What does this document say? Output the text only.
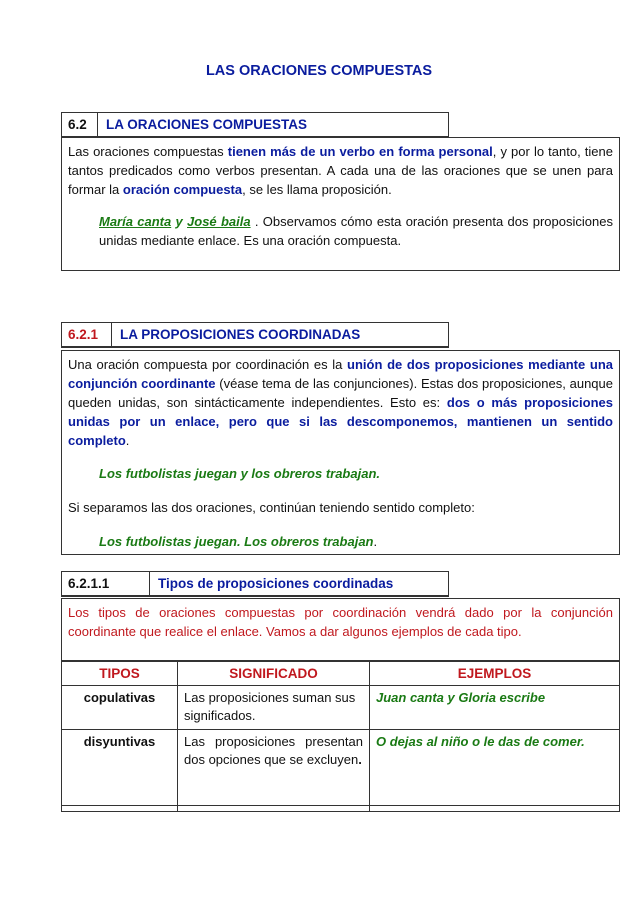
LAS ORACIONES COMPUESTAS
6.2	LA ORACIONES COMPUESTAS

Las oraciones compuestas tienen más de un verbo en forma personal, y por lo tanto, tiene tantos predicados como verbos presentan. A cada una de las oraciones que se unen para formar la oración compuesta, se les llama proposición.

María canta y José baila . Observamos cómo esta oración presenta dos proposiciones unidas mediante enlace. Es una oración compuesta.

6.2.1	LA PROPOSICIONES COORDINADAS

Una oración compuesta por coordinación es la unión de dos proposiciones mediante una conjunción coordinante (véase tema de las conjunciones). Estas dos proposiciones, aunque queden unidas, son sintácticamente independientes. Esto es: dos o más proposiciones unidas por un enlace, pero que si las descomponemos, mantienen un sentido completo.

Los futbolistas juegan y los obreros trabajan.

Si separamos las dos oraciones, continúan teniendo sentido completo:

Los futbolistas juegan. Los obreros trabajan.

6.2.1.1	Tipos de proposiciones coordinadas

Los tipos de oraciones compuestas por coordinación vendrá dado por la conjunción coordinante que realice el enlace. Vamos a dar algunos ejemplos de cada tipo.

TIPOS	SIGNIFICADO	EJEMPLOS
copulativas	Las proposiciones suman sus significados.	Juan canta y Gloria escribe
disyuntivas	Las proposiciones presentan dos opciones que se excluyen.	O dejas al niño o le das de comer.
